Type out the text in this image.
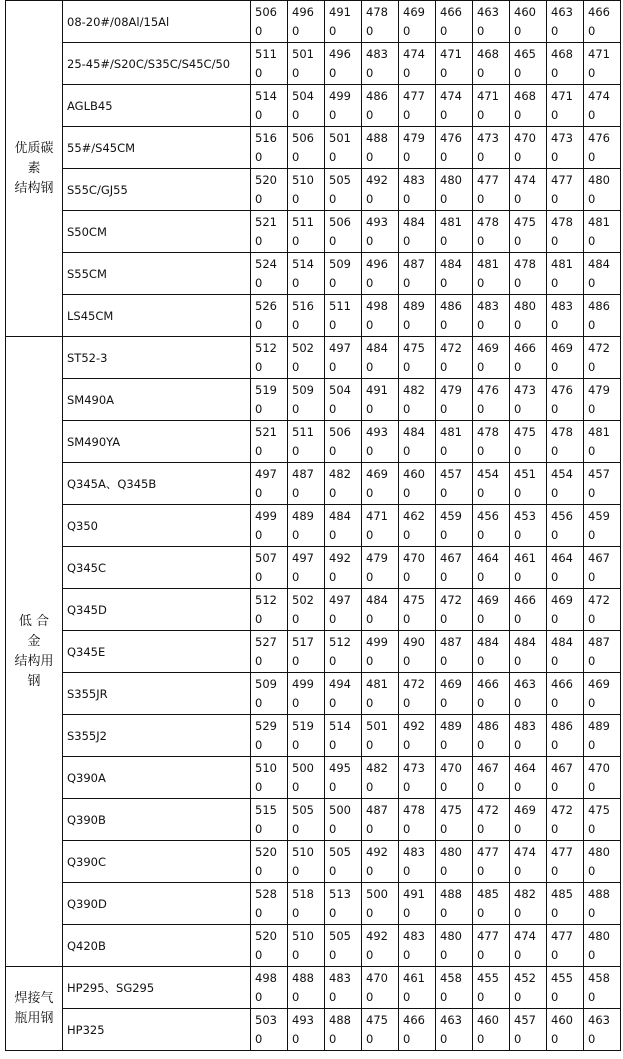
优质碳
素
结构钢	08-20#/08Al/15Al	506
0	496
0	491
0	478
0	469
0	466
0	463
0	460
0	463
0	466
0

	25-45#/S20C/S35C/S45C/50	511
0	501
0	496
0	483
0	474
0	471
0	468
0	465
0	468
0	471
0

	AGLB45	514
0	504
0	499
0	486
0	477
0	474
0	471
0	468
0	471
0	474
0

	55#/S45CM	516
0	506
0	501
0	488
0	479
0	476
0	473
0	470
0	473
0	476
0

	S55C/GJ55	520
0	510
0	505
0	492
0	483
0	480
0	477
0	474
0	477
0	480
0

	S50CM	521
0	511
0	506
0	493
0	484
0	481
0	478
0	475
0	478
0	481
0

	S55CM	524
0	514
0	509
0	496
0	487
0	484
0	481
0	478
0	481
0	484
0

	LS45CM	526
0	516
0	511
0	498
0	489
0	486
0	483
0	480
0	483
0	486
0

低 合
金
结构用
钢	ST52-3	512
0	502
0	497
0	484
0	475
0	472
0	469
0	466
0	469
0	472
0

	SM490A	519
0	509
0	504
0	491
0	482
0	479
0	476
0	473
0	476
0	479
0

	SM490YA	521
0	511
0	506
0	493
0	484
0	481
0	478
0	475
0	478
0	481
0

	Q345A、Q345B	497
0	487
0	482
0	469
0	460
0	457
0	454
0	451
0	454
0	457
0

	Q350	499
0	489
0	484
0	471
0	462
0	459
0	456
0	453
0	456
0	459
0

	Q345C	507
0	497
0	492
0	479
0	470
0	467
0	464
0	461
0	464
0	467
0

	Q345D	512
0	502
0	497
0	484
0	475
0	472
0	469
0	466
0	469
0	472
0

	Q345E	527
0	517
0	512
0	499
0	490
0	487
0	484
0	484
0	484
0	487
0

	S355JR	509
0	499
0	494
0	481
0	472
0	469
0	466
0	463
0	466
0	469
0

	S355J2	529
0	519
0	514
0	501
0	492
0	489
0	486
0	483
0	486
0	489
0

	Q390A	510
0	500
0	495
0	482
0	473
0	470
0	467
0	464
0	467
0	470
0

	Q390B	515
0	505
0	500
0	487
0	478
0	475
0	472
0	469
0	472
0	475
0

	Q390C	520
0	510
0	505
0	492
0	483
0	480
0	477
0	474
0	477
0	480
0

	Q390D	528
0	518
0	513
0	500
0	491
0	488
0	485
0	482
0	485
0	488
0

	Q420B	520
0	510
0	505
0	492
0	483
0	480
0	477
0	474
0	477
0	480
0

焊接气
瓶用钢	HP295、SG295	498
0	488
0	483
0	470
0	461
0	458
0	455
0	452
0	455
0	458
0

	HP325	503
0	493
0	488
0	475
0	466
0	463
0	460
0	457
0	460
0	463
0
